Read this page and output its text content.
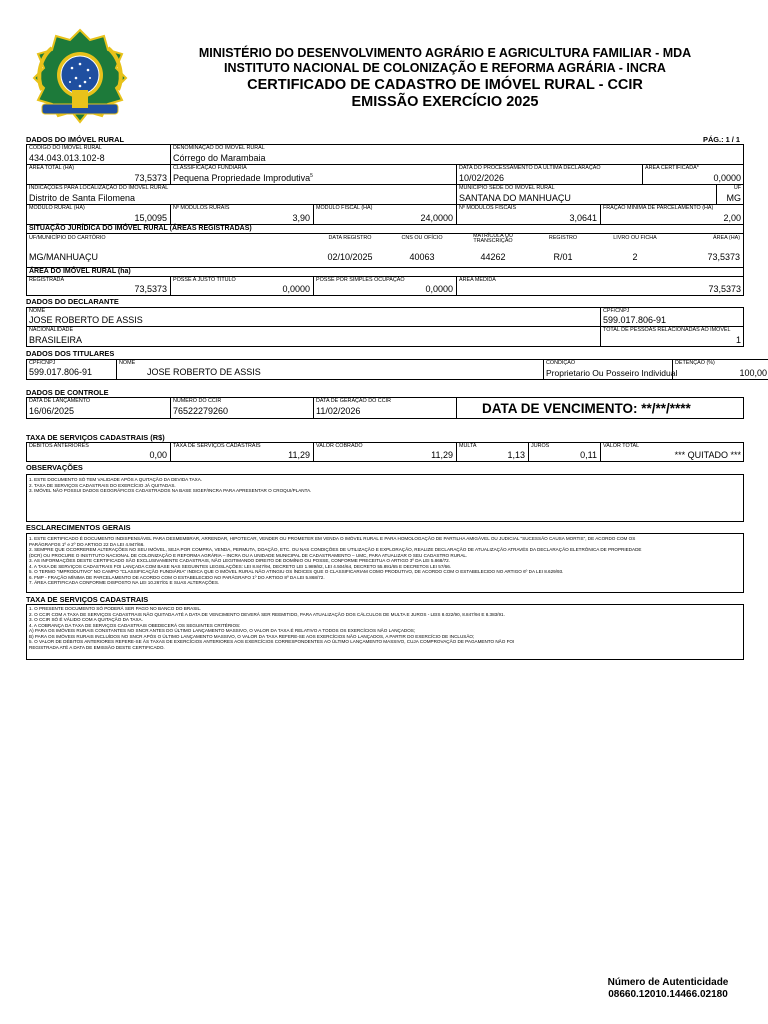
MINISTÉRIO DO DESENVOLVIMENTO AGRÁRIO E AGRICULTURA FAMILIAR - MDA
INSTITUTO NACIONAL DE COLONIZAÇÃO E REFORMA AGRÁRIA - INCRA
CERTIFICADO DE CADASTRO DE IMÓVEL RURAL - CCIR
EMISSÃO EXERCÍCIO 2025
DADOS DO IMÓVEL RURAL	PÁG.: 1 / 1
CÓDIGO DO IMÓVEL RURAL
434.043.013.102-8
DENOMINAÇÃO DO IMÓVEL RURAL
Córrego do Marambaia
ÁREA TOTAL (HA)
73,5373
CLASSIFICAÇÃO FUNDIÁRIA
Pequena Propriedade Improdutiva$^5$
DATA DO PROCESSAMENTO DA ÚLTIMA DECLARAÇÃO
10/02/2026
ÁREA CERTIFICADA*
0,0000
INDICAÇÕES PARA LOCALIZAÇÃO DO IMÓVEL RURAL
Distrito de Santa Filomena
MUNICÍPIO SEDE DO IMÓVEL RURAL
SANTANA DO MANHUAÇU
UF
MG
MÓDULO RURAL (HA)
15,0095
Nº MÓDULOS RURAIS
3,90
MÓDULO FISCAL (HA)
24,0000
Nº MÓDULOS FISCAIS
3,0641
FRAÇÃO MÍNIMA DE PARCELAMENTO (HA)
2,00
SITUAÇÃO JURÍDICA DO IMÓVEL RURAL (ÁREAS REGISTRADAS)
UF/MUNICÍPIO DO CARTÓRIO	DATA REGISTRO	CNS OU OFÍCIO	MATRÍCULA OU TRANSCRIÇÃO
REGISTRO	LIVRO OU FICHA	ÁREA (HA)
MG/MANHUAÇU	02/10/2025	40063	44262	R/01	2	73,5373
ÁREA DO IMÓVEL RURAL (ha)
REGISTRADA
73,5373
POSSE A JUSTO TÍTULO
0,0000
POSSE POR SIMPLES OCUPAÇÃO
0,0000
ÁREA MEDIDA
73,5373
DADOS DO DECLARANTE
NOME
JOSE ROBERTO DE ASSIS
CPF/CNPJ
599.017.806-91
NACIONALIDADE
BRASILEIRA
TOTAL DE PESSOAS RELACIONADAS AO IMÓVEL
1
DADOS DOS TITULARES
CPF/CNPJ
599.017.806-91
NOME
JOSE ROBERTO DE ASSIS
CONDIÇÃO
Proprietario Ou Posseiro Individual
DETENÇÃO (%)
100,00
DADOS DE CONTROLE
DATA DE LANÇAMENTO
16/06/2025
NÚMERO DO CCIR
76522279260
DATA DE GERAÇÃO DO CCIR
11/02/2026	DATA DE VENCIMENTO: **/**/****
TAXA DE SERVIÇOS CADASTRAIS (R$)
DÉBITOS ANTERIORES
0,00
TAXA DE SERVIÇOS CADASTRAIS
11,29
VALOR COBRADO
11,29
MULTA
1,13
JUROS
0,11
VALOR TOTAL
*** QUITADO ***
OBSERVAÇÕES
1. ESTE DOCUMENTO SÓ TEM VALIDADE APÓS A QUITAÇÃO DA DEVIDA TAXA.
2. TAXA DE SERVIÇOS CADASTRAIS DO EXERCÍCIO JÁ QUITADAS.
3. IMÓVEL NÃO POSSUI DADOS GEOGRÁFICOS CADASTRADOS NA BASE SIGEF/INCRA PARA APRESENTAR O CROQUI/PLANTA.
ESCLARECIMENTOS GERAIS
1. ESTE CERTIFICADO É DOCUMENTO INDISPENSÁVEL PARA DESMEMBRAR, ARRENDAR, HIPOTECAR, VENDER OU PROMETER EM VENDA O IMÓVEL RURAL E PARA HOMOLOGAÇÃO DE PARTILHA AMIGÁVEL OU JUDICIAL "SUCESSÃO CAUSA MORTIS", DE ACORDO COM OS
PARÁGRAFOS 1º e 2º DO ARTIGO 22 DA LEI 4.947/66.
2. SEMPRE QUE OCORREREM ALTERAÇÕES NO SEU IMÓVEL, SEJA POR COMPRA, VENDA, PERMUTA, DOAÇÃO, ETC. OU NAS CONDIÇÕES DE UTILIZAÇÃO E EXPLORAÇÃO, REALIZE DECLARAÇÃO DE ATUALIZAÇÃO ATRAVÉS DA DECLARAÇÃO ELETRÔNICA DE PROPRIEDADE
(DCR) OU PROCURE O INSTITUTO NACIONAL DE COLONIZAÇÃO E REFORMA AGRÁRIA – INCRA OU A UNIDADE MUNICIPAL DE CADASTRAMENTO – UMC, PARA ATUALIZAR O SEU CADASTRO RURAL.
3. AS INFORMAÇÕES DESTE CERTIFICADO SÃO EXCLUSIVAMENTE CADASTRAIS, NÃO LEGITIMANDO DIREITO DE DOMÍNIO OU POSSE, CONFORME PRECEITUA O ARTIGO 3º DA LEI 5.868/72.
4. A TAXA DE SERVIÇOS CADASTRAIS FOI LANÇADA COM BASE NAS SEGUINTES LEGISLAÇÕES: LEI 8.847/94, DECRETO LEI 1.989/82, LEI 4.504/64, DECRETO 55.891/65 E DECRETOS LEI 57/66.
5. O TERMO "IMPRODUTIVO" NO CAMPO "CLASSIFICAÇÃO FUNDIÁRIA" INDICA QUE O IMÓVEL RURAL NÃO ATINGIU OS ÍNDICES QUE O CLASSIFICARIAM COMO PRODUTIVO, DE ACORDO COM O ESTABELECIDO NO ARTIGO 6º DA LEI 8.629/93.
6. FMP - FRAÇÃO MÍNIMA DE PARCELAMENTO DE ACORDO COM O ESTABELECIDO NO PARÁGRAFO 1º DO ARTIGO 8º DA LEI 5.868/72.
7. ÁREA CERTIFICADA CONFORME DISPOSTO NA LEI 10.267/01 E SUAS ALTERAÇÕES.
TAXA DE SERVIÇOS CADASTRAIS
1. O PRESENTE DOCUMENTO SÓ PODERÁ SER PAGO NO BANCO DO BRASIL.
2. O CCIR COM A TAXA DE SERVIÇOS CADASTRAIS NÃO QUITADA ATÉ A DATA DE VENCIMENTO DEVERÁ SER REEMITIDO, PARA ATUALIZAÇÃO DOS CÁLCULOS DE MULTA E JUROS - LEIS 8.022/90, 8.847/94 E 8.383/91.
3. O CCIR SÓ É VÁLIDO COM A QUITAÇÃO DA TAXA.
4. A COBRANÇA DA TAXA DE SERVIÇOS CADASTRAIS OBEDECERÁ OS SEGUINTES CRITÉRIOS:
A) PARA OS IMÓVEIS RURAIS CONSTANTES NO SNCR ANTES DO ÚLTIMO LANÇAMENTO MASSIVO, O VALOR DA TAXA É RELATIVO A TODOS OS EXERCÍCIOS NÃO LANÇADOS;
B) PARA OS IMÓVEIS RURAIS INCLUÍDOS NO SNCR APÓS O ÚLTIMO LANÇAMENTO MASSIVO, O VALOR DA TAXA REFERE-SE AOS EXERCÍCIOS NÃO LANÇADOS, A PARTIR DO EXERCÍCIO DE INCLUSÃO;
5. O VALOR DE DÉBITOS ANTERIORES REFERE-SE ÀS TAXAS DE EXERCÍCIOS ANTERIORES AOS EXERCÍCIOS CORRESPONDENTES AO ÚLTIMO LANÇAMENTO MASSIVO, CUJA COMPROVAÇÃO DE PAGAMENTO NÃO FOI
REGISTRADA ATÉ A DATA DE EMISSÃO DESTE CERTIFICADO.
Número de Autenticidade
08660.12010.14466.02180
